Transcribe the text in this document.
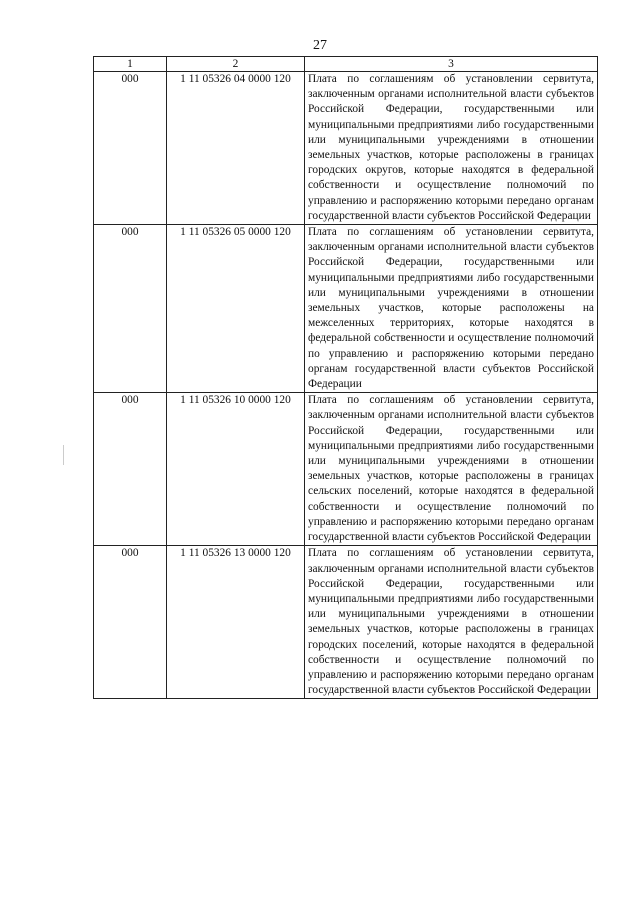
27
1	2	3
000	1 11 05326 04 0000 120	Плата по соглашениям об установлении сервитута, заключенным органами исполнительной власти субъектов Российской Федерации, государственными или муниципальными предприятиями либо государственными или муниципальными учреждениями в отношении земельных участков, которые расположены в границах городских округов, которые находятся в федеральной собственности и осуществление полномочий по управлению и распоряжению которыми передано органам государственной власти субъектов Российской Федерации
000	1 11 05326 05 0000 120	Плата по соглашениям об установлении сервитута, заключенным органами исполнительной власти субъектов Российской Федерации, государственными или муниципальными предприятиями либо государственными или муниципальными учреждениями в отношении земельных участков, которые расположены на межселенных территориях, которые находятся в федеральной собственности и осуществление полномочий по управлению и распоряжению которыми передано органам государственной власти субъектов Российской Федерации
000	1 11 05326 10 0000 120	Плата по соглашениям об установлении сервитута, заключенным органами исполнительной власти субъектов Российской Федерации, государственными или муниципальными предприятиями либо государственными или муниципальными учреждениями в отношении земельных участков, которые расположены в границах сельских поселений, которые находятся в федеральной собственности и осуществление полномочий по управлению и распоряжению которыми передано органам государственной власти субъектов Российской Федерации
000	1 11 05326 13 0000 120	Плата по соглашениям об установлении сервитута, заключенным органами исполнительной власти субъектов Российской Федерации, государственными или муниципальными предприятиями либо государственными или муниципальными учреждениями в отношении земельных участков, которые расположены в границах городских поселений, которые находятся в федеральной собственности и осуществление полномочий по управлению и распоряжению которыми передано органам государственной власти субъектов Российской Федерации
